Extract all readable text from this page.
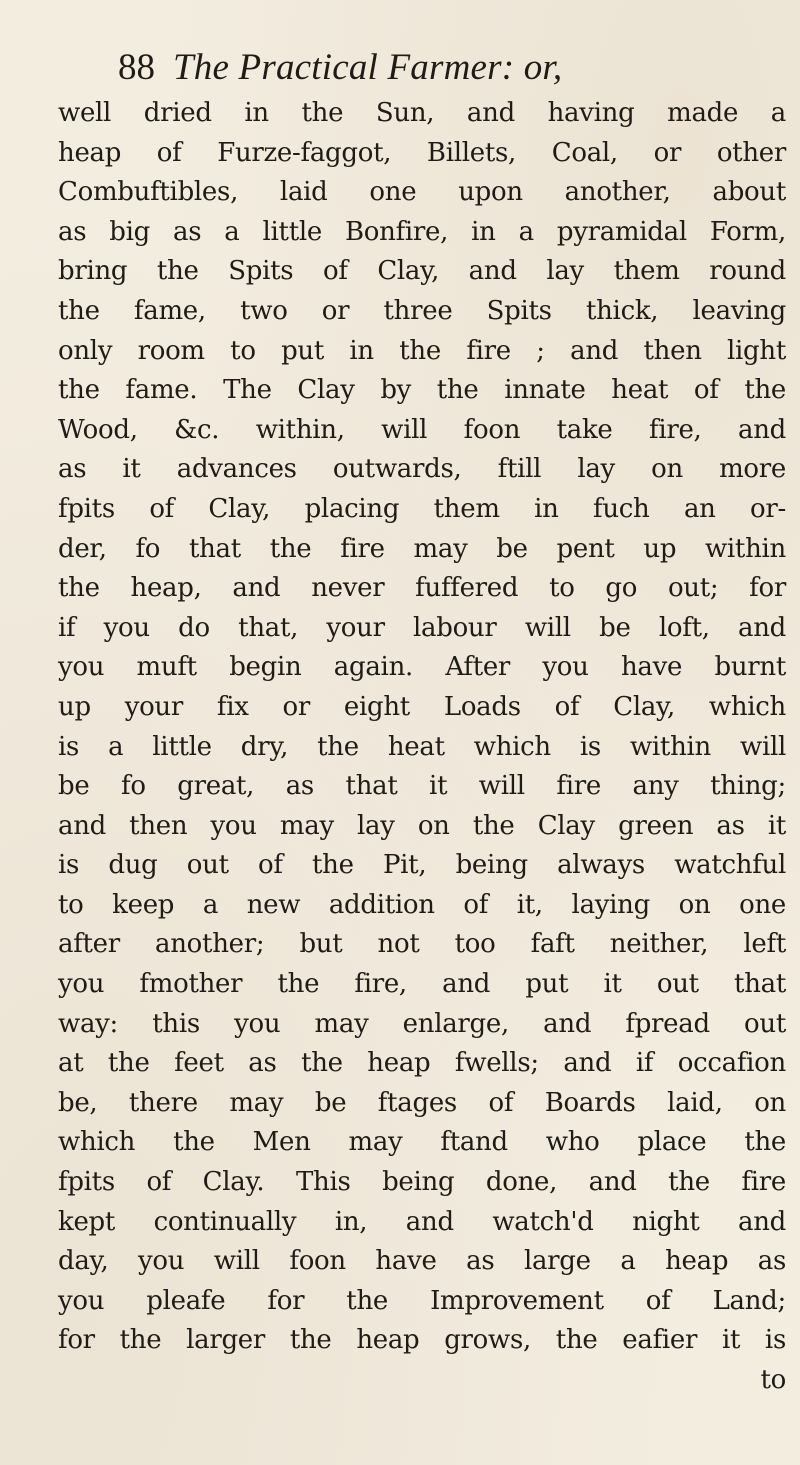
88 The Practical Farmer: or,
well dried in the Sun, and having made a
heap of Furze-faggot, Billets, Coal, or other
Combuftibles, laid one upon another, about
as big as a little Bonfire, in a pyramidal Form,
bring the Spits of Clay, and lay them round
the fame, two or three Spits thick, leaving
only room to put in the fire ; and then light
the fame. The Clay by the innate heat of the
Wood, &c. within, will foon take fire, and
as it advances outwards, ftill lay on more
fpits of Clay, placing them in fuch an or-
der, fo that the fire may be pent up within
the heap, and never fuffered to go out; for
if you do that, your labour will be loft, and
you muft begin again. After you have burnt
up your fix or eight Loads of Clay, which
is a little dry, the heat which is within will
be fo great, as that it will fire any thing;
and then you may lay on the Clay green as it
is dug out of the Pit, being always watchful
to keep a new addition of it, laying on one
after another; but not too faft neither, left
you fmother the fire, and put it out that
way: this you may enlarge, and fpread out
at the feet as the heap fwells; and if occafion
be, there may be ftages of Boards laid, on
which the Men may ftand who place the
fpits of Clay. This being done, and the fire
kept continually in, and watch'd night and
day, you will foon have as large a heap as
you pleafe for the Improvement of Land;
for the larger the heap grows, the eafier it is
to
